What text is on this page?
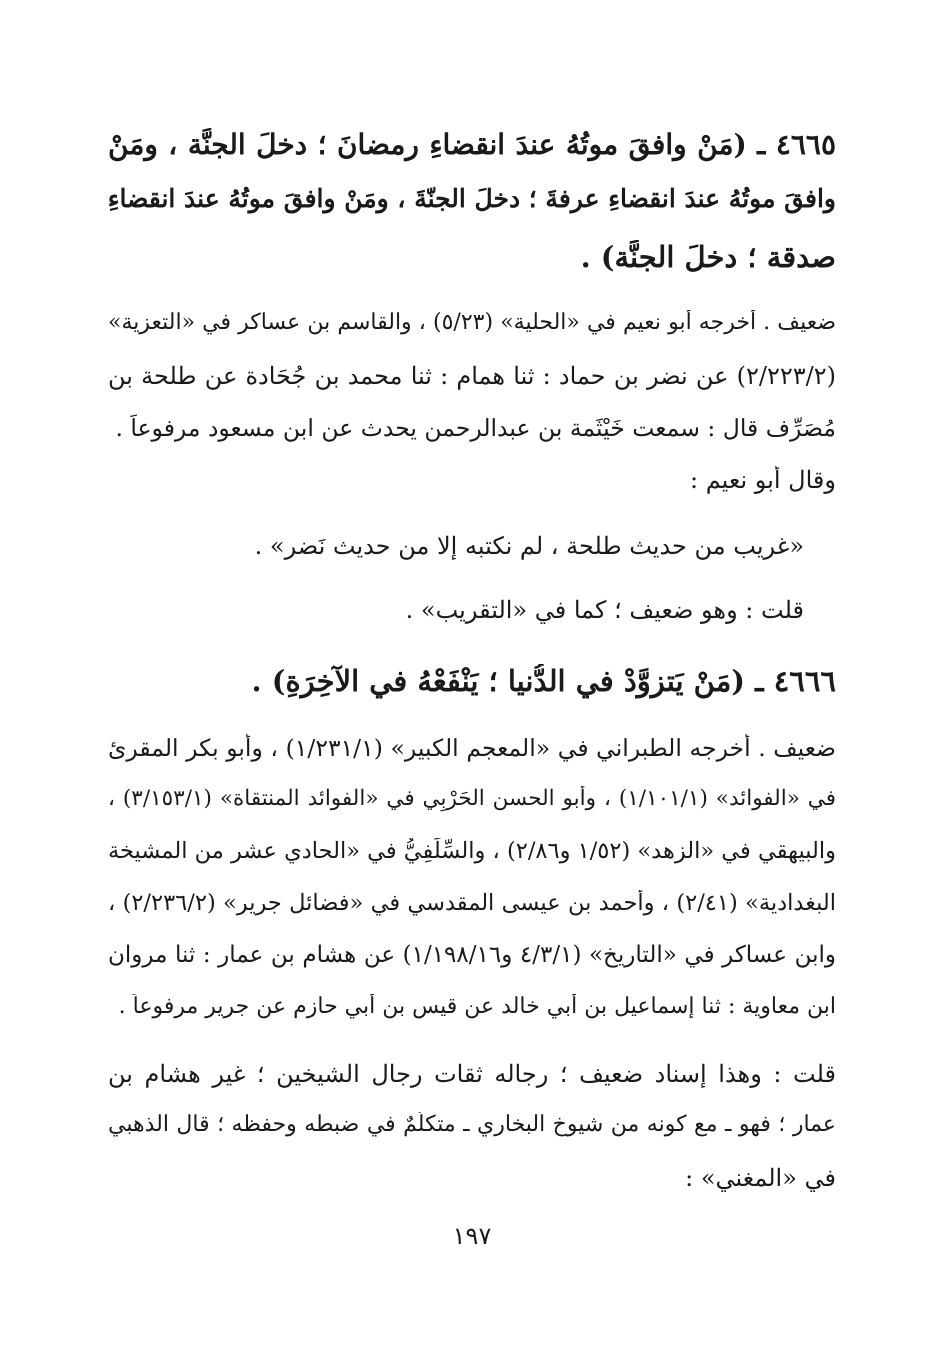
٤٦٦٥ ـ (مَنْ وافقَ موتُهُ عندَ انقضاءِ رمضانَ ؛ دخلَ الجنَّة ، ومَنْ
وافقَ موتُهُ عندَ انقضاءِ عرفةَ ؛ دخلَ الجنّةَ ، ومَنْ وافقَ موتُهُ عندَ انقضاءِ
صدقة ؛ دخلَ الجنَّة) .
ضعيف . أخرجه أبو نعيم في «الحلية» (٥/٢٣) ، والقاسم بن عساكر في «التعزية»
(٢/٢٢٣/٢) عن نضر بن حماد : ثنا همام : ثنا محمد بن جُحَادة عن طلحة بن
مُصَرِّف قال : سمعت خَيْثَمة بن عبدالرحمن يحدث عن ابن مسعود مرفوعاً .
وقال أبو نعيم :
«غريب من حديث طلحة ، لم نكتبه إلا من حديث نَضر» .
قلت : وهو ضعيف ؛ كما في «التقريب» .
٤٦٦٦ ـ (مَنْ يَتزوَّدْ في الدُّنيا ؛ يَنْفَعْهُ في الآخِرَةِ) .
ضعيف . أخرجه الطبراني في «المعجم الكبير» (١/٢٣١/١) ، وأبو بكر المقرئ
في «الفوائد» (١/١٠١/١) ، وأبو الحسن الحَرْبِي في «الفوائد المنتقاة» (٣/١٥٣/١) ،
والبيهقي في «الزهد» (١/٥٢ و٢/٨٦) ، والسِّلَفِيُّ في «الحادي عشر من المشيخة
البغدادية» (٢/٤١) ، وأحمد بن عيسى المقدسي في «فضائل جرير» (٢/٢٣٦/٢) ،
وابن عساكر في «التاريخ» (٤/٣/١ و١/١٩٨/١٦) عن هشام بن عمار : ثنا مروان
ابن معاوية : ثنا إسماعيل بن أبي خالد عن قيس بن أبي حازم عن جرير مرفوعاً .
قلت : وهذا إسناد ضعيف ؛ رجاله ثقات رجال الشيخين ؛ غير هشام بن
عمار ؛ فهو ـ مع كونه من شيوخ البخاري ـ متكلَّمٌ في ضبطه وحفظه ؛ قال الذهبي
في «المغني» :
١٩٧
